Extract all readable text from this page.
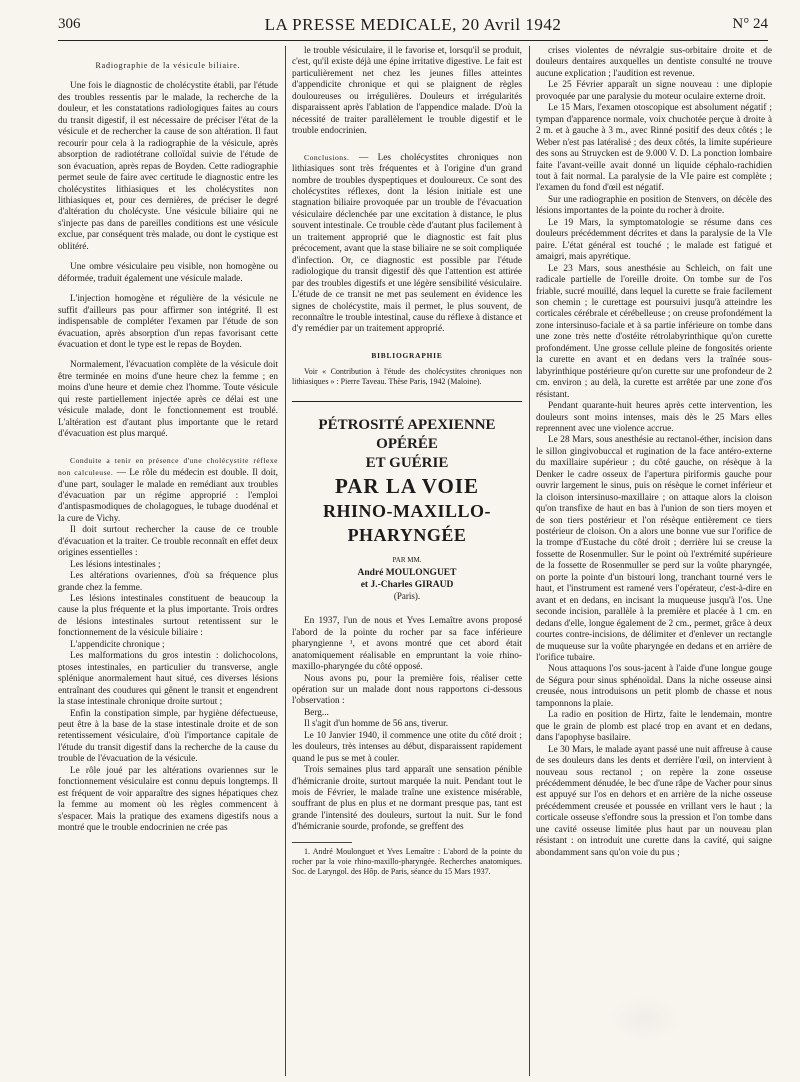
306	LA PRESSE MEDICALE, 20 Avril 1942	N° 24
Radiographie de la vésicule biliaire.

Une fois le diagnostic de cholécystite établi, par l'étude des troubles ressentis par le malade, la recherche de la douleur, et les constatations radiologiques faites au cours du transit digestif, il est nécessaire de préciser l'état de la vésicule et de rechercher la cause de son altération. Il faut recourir pour cela à la radiographie de la vésicule, après absorption de radiotétrane colloïdal suivie de l'étude de son évacuation, après repas de Boyden. Cette radiographie permet seule de faire avec certitude le diagnostic entre les cholécystites lithiasiques et les cholécystites non lithiasiques et, pour ces dernières, de préciser le degré d'altération du cholécyste. Une vésicule biliaire qui ne s'injecte pas dans de pareilles conditions est une vésicule exclue, par conséquent très malade, ou dont le cystique est oblitéré.

Une ombre vésiculaire peu visible, non homogène ou déformée, traduit également une vésicule malade.

L'injection homogène et régulière de la vésicule ne suffit d'ailleurs pas pour affirmer son intégrité. Il est indispensable de compléter l'examen par l'étude de son évacuation, après absorption d'un repas favorisant cette évacuation et dont le type est le repas de Boyden.

Normalement, l'évacuation complète de la vésicule doit être terminée en moins d'une heure chez la femme ; en moins d'une heure et demie chez l'homme. Toute vésicule qui reste partiellement injectée après ce délai est une vésicule malade, dont le fonctionnement est troublé. L'altération est d'autant plus importante que le retard d'évacuation est plus marqué.

Conduite a tenir en présence d'une cholécystite réflexe non calculeuse. — Le rôle du médecin est double. Il doit, d'une part, soulager le malade en remédiant aux troubles d'évacuation par un régime approprié : l'emploi d'antispasmodiques de cholagogues, le tubage duodénal et la cure de Vichy.

Il doit surtout rechercher la cause de ce trouble d'évacuation et la traiter. Ce trouble reconnaît en effet deux origines essentielles :

Les lésions intestinales ;

Les altérations ovariennes, d'où sa fréquence plus grande chez la femme.

Les lésions intestinales constituent de beaucoup la cause la plus fréquente et la plus importante. Trois ordres de lésions intestinales surtout retentissent sur le fonctionnement de la vésicule biliaire :

L'appendicite chronique ;

Les malformations du gros intestin : dolichocolons, ptoses intestinales, en particulier du transverse, angle splénique anormalement haut situé, ces diverses lésions entraînant des coudures qui gênent le transit et engendrent la stase intestinale chronique droite surtout ;

Enfin la constipation simple, par hygiène défectueuse, peut être à la base de la stase intestinale droite et de son retentissement vésiculaire, d'où l'importance capitale de l'étude du transit digestif dans la recherche de la cause du trouble de l'évacuation de la vésicule.

Le rôle joué par les altérations ovariennes sur le fonctionnement vésiculaire est connu depuis longtemps. Il est fréquent de voir apparaître des signes hépatiques chez la femme au moment où les règles commencent à s'espacer. Mais la pratique des examens digestifs nous a montré que le trouble endocrinien ne crée pas

le trouble vésiculaire, il le favorise et, lorsqu'il se produit, c'est, qu'il existe déjà une épine irritative digestive. Le fait est particulièrement net chez les jeunes filles atteintes d'appendicite chronique et qui se plaignent de règles douloureuses ou irrégulières. Douleurs et irrégularités disparaissent après l'ablation de l'appendice malade. D'où la nécessité de traiter parallèlement le trouble digestif et le trouble endocrinien.

Conclusions. — Les cholécystites chroniques non lithiasiques sont très fréquentes et à l'origine d'un grand nombre de troubles dyspeptiques et douloureux. Ce sont des cholécystites réflexes, dont la lésion initiale est une stagnation biliaire provoquée par un trouble de l'évacuation vésiculaire déclenchée par une excitation à distance, le plus souvent intestinale. Ce trouble cède d'autant plus facilement à un traitement approprié que le diagnostic est fait plus précocement, avant que la stase biliaire ne se soit compliquée d'infection. Or, ce diagnostic est possible par l'étude radiologique du transit digestif dès que l'attention est attirée par des troubles digestifs et une légère sensibilité vésiculaire. L'étude de ce transit ne met pas seulement en évidence les signes de cholécystite, mais il permet, le plus souvent, de reconnaître le trouble intestinal, cause du réflexe à distance et d'y remédier par un traitement approprié.

BIBLIOGRAPHIE

Voir « Contribution à l'étude des cholécystites chroniques non lithiasiques » : Pierre Taveau. Thèse Paris, 1942 (Maloine).

PÉTROSITÉ APEXIENNE OPÉRÉE
ET GUÉRIE
PAR LA VOIE
RHINO-MAXILLO-PHARYNGÉE
PAR MM.
André MOULONGUET
et J.-Charles GIRAUD
(Paris).

En 1937, l'un de nous et Yves Lemaître avons proposé l'abord de la pointe du rocher par sa face inférieure pharyngienne ¹, et avons montré que cet abord était anatomiquement réalisable en empruntant la voie rhino-maxillo-pharyngée du côté opposé.

Nous avons pu, pour la première fois, réaliser cette opération sur un malade dont nous rapportons ci-dessous l'observation :

Berg...

Il s'agit d'un homme de 56 ans, tiverur.

Le 10 Janvier 1940, il commence une otite du côté droit ; les douleurs, très intenses au début, disparaissent rapidement quand le pus se met à couler.

Trois semaines plus tard apparaît une sensation pénible d'hémicranie droite, surtout marquée la nuit. Pendant tout le mois de Février, le malade traîne une existence misérable, souffrant de plus en plus et ne dormant presque pas, tant est grande l'intensité des douleurs, surtout la nuit. Sur le fond d'hémicranie sourde, profonde, se greffent des

1. André Moulonguet et Yves Lemaître : L'abord de la pointe du rocher par la voie rhino-maxillo-pharyngée. Recherches anatomiques. Soc. de Laryngol. des Hôp. de Paris, séance du 15 Mars 1937.

crises violentes de névralgie sus-orbitaire droite et de douleurs dentaires auxquelles un dentiste consulté ne trouve aucune explication ; l'audition est revenue.

Le 25 Février apparaît un signe nouveau : une diplopie provoquée par une paralysie du moteur oculaire externe droit.

Le 15 Mars, l'examen otoscopique est absolument négatif ; tympan d'apparence normale, voix chuchotée perçue à droite à 2 m. et à gauche à 3 m., avec Rinné positif des deux côtés ; le Weber n'est pas latéralisé ; des deux côtés, la limite supérieure des sons au Struycken est de 9.000 V. D. La ponction lombaire faite l'avant-veille avait donné un liquide céphalo-rachidien tout à fait normal. La paralysie de la VIe paire est complète ; l'examen du fond d'œil est négatif.

Sur une radiographie en position de Stenvers, on décèle des lésions importantes de la pointe du rocher à droite.

Le 19 Mars, la symptomatologie se résume dans ces douleurs précédemment décrites et dans la paralysie de la VIe paire. L'état général est touché ; le malade est fatigué et amaigri, mais apyrétique.

Le 23 Mars, sous anesthésie au Schleich, on fait une radicale partielle de l'oreille droite. On tombe sur de l'os friable, sucré mouillé, dans lequel la curette se fraie facilement son chemin ; le curettage est poursuivi jusqu'à atteindre les corticales cérébrale et cérébelleuse ; on creuse profondément la zone intersinuso-faciale et à sa partie inférieure on tombe dans une zone très nette d'ostéite rétrolabyrinthique qu'on curette profondément. Une grosse cellule pleine de fongosités oriente la curette en avant et en dedans vers la traînée sous-labyrinthique postérieure qu'on curette sur une profondeur de 2 cm. environ ; au delà, la curette est arrêtée par une zone d'os résistant.

Pendant quarante-huit heures après cette intervention, les douleurs sont moins intenses, mais dès le 25 Mars elles reprennent avec une violence accrue.

Le 28 Mars, sous anesthésie au rectanol-éther, incision dans le sillon gingivobuccal et rugination de la face antéro-externe du maxillaire supérieur ; du côté gauche, on résèque à la Denker le cadre osseux de l'apertura piriformis gauche pour ouvrir largement le sinus, puis on résèque le cornet inférieur et la cloison intersinuso-maxillaire ; on attaque alors la cloison qu'on transfixe de haut en bas à l'union de son tiers moyen et de son tiers postérieur et l'on résèque entièrement ce tiers postérieur de cloison. On a alors une bonne vue sur l'orifice de la trompe d'Eustache du côté droit ; derrière lui se creuse la fossette de Rosenmuller. Sur le point où l'extrémité supérieure de la fossette de Rosenmuller se perd sur la voûte pharyngée, on porte la pointe d'un bistouri long, tranchant tourné vers le haut, et l'instrument est ramené vers l'opérateur, c'est-à-dire en avant et en dedans, en incisant la muqueuse jusqu'à l'os. Une seconde incision, parallèle à la première et placée à 1 cm. en dedans d'elle, longue également de 2 cm., permet, grâce à deux courtes contre-incisions, de délimiter et d'enlever un rectangle de muqueuse sur la voûte pharyngée en dedans et en arrière de l'orifice tubaire.

Nous attaquons l'os sous-jacent à l'aide d'une longue gouge de Ségura pour sinus sphénoïdal. Dans la niche osseuse ainsi creusée, nous introduisons un petit plomb de chasse et nous tamponnons la plaie.

La radio en position de Hirtz, faite le lendemain, montre que le grain de plomb est placé trop en avant et en dedans, dans l'apophyse basilaire.

Le 30 Mars, le malade ayant passé une nuit affreuse à cause de ses douleurs dans les dents et derrière l'œil, on intervient à nouveau sous rectanol ; on repère la zone osseuse précédemment dénudée, le bec d'une râpe de Vacher pour sinus est appuyé sur l'os en dehors et en arrière de la niche osseuse précédemment creusée et poussée en vrillant vers le haut ; la corticale osseuse s'effondre sous la pression et l'on tombe dans une cavité osseuse limitée plus haut par un nouveau plan résistant : on introduit une curette dans la cavité, qui saigne abondamment sans qu'on voie du pus ;
